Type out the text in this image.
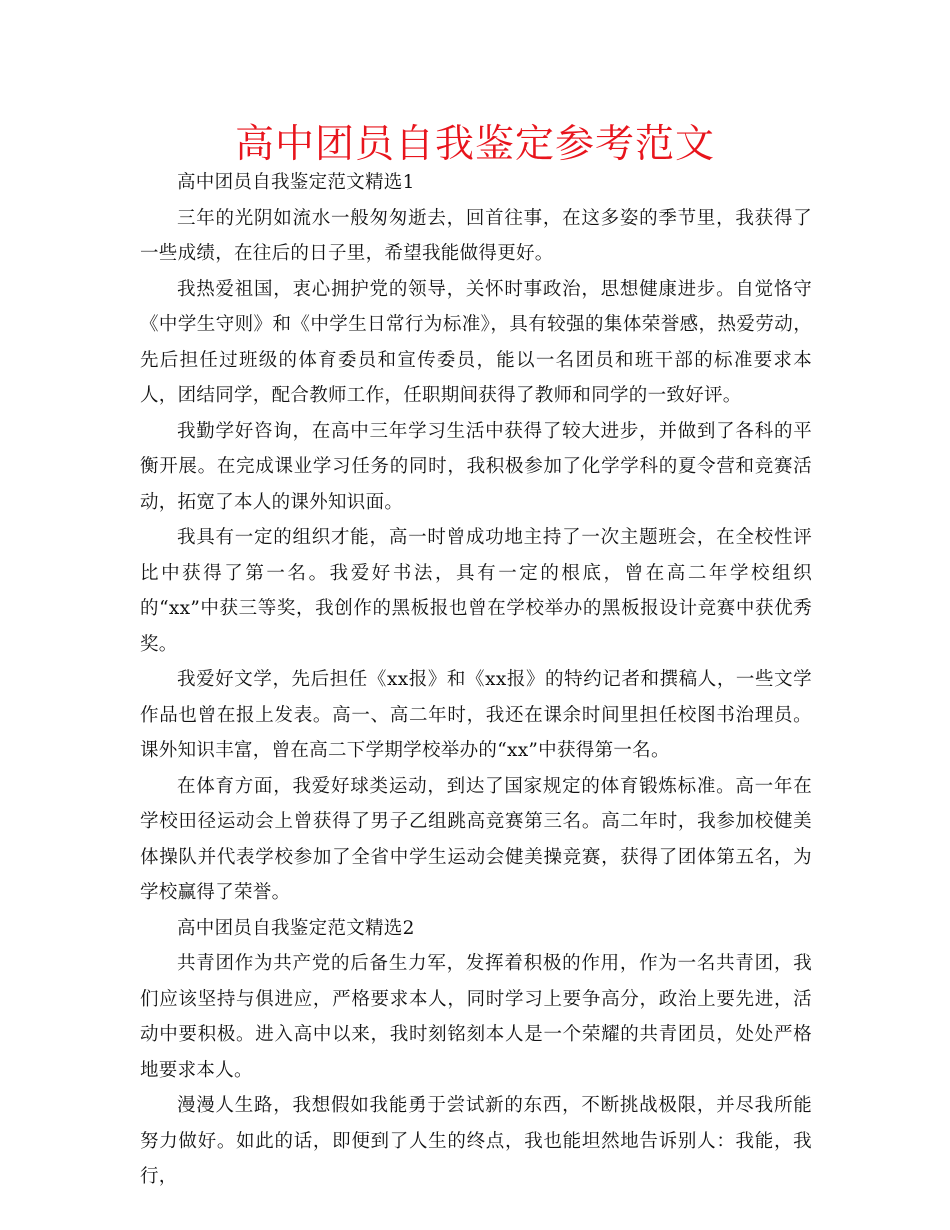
高中团员自我鉴定参考范文

高中团员自我鉴定范文精选1

三年的光阴如流水一般匆匆逝去，回首往事，在这多姿的季节里，我获得了一些成绩，在往后的日子里，希望我能做得更好。

我热爱祖国，衷心拥护党的领导，关怀时事政治，思想健康进步。自觉恪守《中学生守则》和《中学生日常行为标准》，具有较强的集体荣誉感，热爱劳动，先后担任过班级的体育委员和宣传委员，能以一名团员和班干部的标准要求本人，团结同学，配合教师工作，任职期间获得了教师和同学的一致好评。

我勤学好咨询，在高中三年学习生活中获得了较大进步，并做到了各科的平衡开展。在完成课业学习任务的同时，我积极参加了化学学科的夏令营和竞赛活动，拓宽了本人的课外知识面。

我具有一定的组织才能，高一时曾成功地主持了一次主题班会，在全校性评比中获得了第一名。我爱好书法，具有一定的根底，曾在高二年学校组织的“xx”中获三等奖，我创作的黑板报也曾在学校举办的黑板报设计竞赛中获优秀奖。

我爱好文学，先后担任《xx报》和《xx报》的特约记者和撰稿人，一些文学作品也曾在报上发表。高一、高二年时，我还在课余时间里担任校图书治理员。课外知识丰富，曾在高二下学期学校举办的“xx”中获得第一名。

在体育方面，我爱好球类运动，到达了国家规定的体育锻炼标准。高一年在学校田径运动会上曾获得了男子乙组跳高竞赛第三名。高二年时，我参加校健美体操队并代表学校参加了全省中学生运动会健美操竞赛，获得了团体第五名，为学校赢得了荣誉。

高中团员自我鉴定范文精选2

共青团作为共产党的后备生力军，发挥着积极的作用，作为一名共青团，我们应该坚持与俱进应，严格要求本人，同时学习上要争高分，政治上要先进，活动中要积极。进入高中以来，我时刻铭刻本人是一个荣耀的共青团员，处处严格地要求本人。

漫漫人生路，我想假如我能勇于尝试新的东西，不断挑战极限，并尽我所能努力做好。如此的话，即便到了人生的终点，我也能坦然地告诉别人：我能，我行，
